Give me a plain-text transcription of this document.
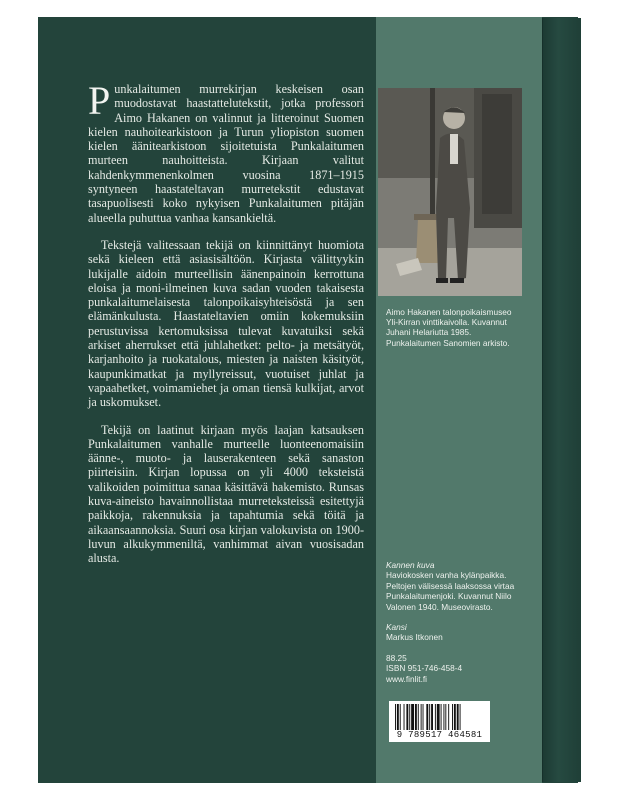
Punkalaitumen murrekirjan keskeisen osan muodostavat haastattelutekstit, jotka professori Aimo Hakanen on valinnut ja litteroinut Suomen kielen nauhoitearkistoon ja Turun yliopiston suomen kielen äänitearkistoon sijoitetuista Punkalaitumen murteen nauhoitteista. Kirjaan valitut kahdenkymmenenkolmen vuosina 1871–1915 syntyneen haastateltavan murretekstit edustavat tasapuolisesti koko nykyisen Punkalaitumen pitäjän alueella puhuttua vanhaa kansankieltä.

Tekstejä valitessaan tekijä on kiinnittänyt huomiota sekä kieleen että asiasisältöön. Kirjasta välittyykin lukijalle aidoin murteellisin äänenpainoin kerrottuna eloisa ja moni-ilmeinen kuva sadan vuoden takaisesta punkalaitumelaisesta talonpoikaisyhteisöstä ja sen elämänkulusta. Haastateltavien omiin kokemuksiin perustuvissa kertomuksissa tulevat kuvatuiksi sekä arkiset aherrukset että juhlahetket: pelto- ja metsätyöt, karjanhoito ja ruokatalous, miesten ja naisten käsityöt, kaupunkimatkat ja myllyreissut, vuotuiset juhlat ja vapaahetket, voimamiehet ja oman tiensä kulkijat, arvot ja uskomukset.

Tekijä on laatinut kirjaan myös laajan katsauksen Punkalaitumen vanhalle murteelle luonteenomaisiin äänne-, muoto- ja lauserakenteen sekä sanaston piirteisiin. Kirjan lopussa on yli 4000 teksteistä valikoiden poimittua sanaa käsittävä hakemisto. Runsas kuva-aineisto havainnollistaa murreteksteissä esitettyjä paikkoja, rakennuksia ja tapahtumia sekä töitä ja aikaansaannoksia. Suuri osa kirjan valokuvista on 1900-luvun alkukymmeniltä, vanhimmat aivan vuosisadan alusta.

Aimo Hakanen talonpoikaismuseo Yli-Kirran vinttikaivolla. Kuvannut Juhani Helariutta 1985. Punkalaitumen Sanomien arkisto.
Kannen kuva
Haviokosken vanha kylänpaikka. Peltojen välisessä laaksossa virtaa Punkalaitumenjoki. Kuvannut Niilo Valonen 1940. Museovirasto.
Kansi
Markus Itkonen
88.25
ISBN 951-746-458-4
www.finlit.fi
9 789517 464581
